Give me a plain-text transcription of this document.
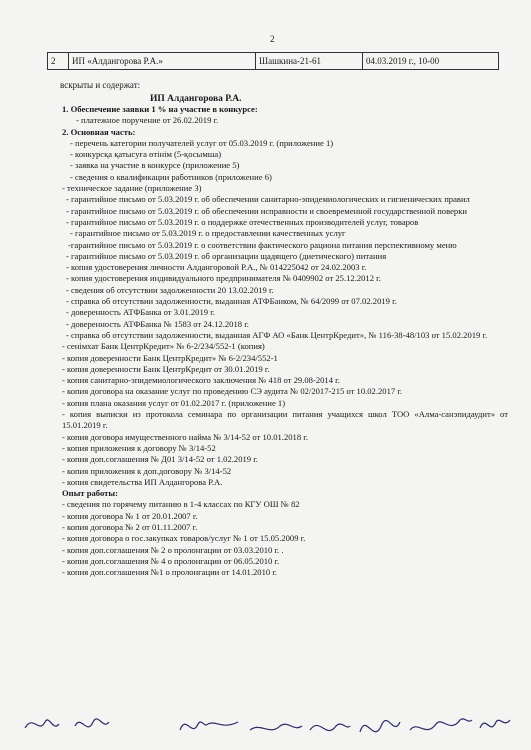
2
2	ИП «Алдангорова Р.А.»	Шашкина-21-61	04.03.2019 г., 10-00
вскрыты и содержат:
ИП Алдангорова Р.А.
1. Обеспечение заявки 1 % на участие в конкурсе:
- платежное поручение от 26.02.2019 г.
2. Основная часть:
- перечень категории получателей услуг от 05.03.2019 г. (приложение 1)
- конкурсқа қатысуға өтінім (5-қосымша)
- заявка на участие в конкурсе (приложение 5)
- сведения о квалификации работников (приложение 6)
- техническое задание (приложение 3)
- гарантийное письмо от 5.03.2019 г. об обеспечении санитарно-эпидемиологических и гигиенических правил
- гарантийное письмо от 5.03.2019 г. об обеспечении исправности и своевременной государственной поверки
- гарантийное письмо от 5.03.2019 г. о поддержке отечественных производителей услуг, товаров
- гарантийное письмо от 5.03.2019 г. о предоставлении качественных услуг
-гарантийное письмо от 5.03.2019 г. о соответствии фактического рациона питания перспективному меню
- гарантийное письмо от 5.03.2019 г. об организации щадящего (диетического) питания
- копия удостоверения личности Алдангоровой Р.А., № 014225042 от 24.02.2003 г.
- копия удостоверения индивидуального предпринимателя № 0409902 от 25.12.2012 г.
- сведения об отсутствии задолженности 20 13.02.2019 г.
- справка об отсутствии задолженности, выданная АТФБанком, № 64/2099 от 07.02.2019 г.
- доверенность АТФБанка от 3.01.2019 г.
- доверенность АТФБанка № 1583 от 24.12.2018 г.
- справка об отсутствии задолженности, выданная АГФ АО «Банк ЦентрКредит», № 116-38-48/103 от 15.02.2019 г.
- сенімхат Банк ЦентрКредит» № 6-2/234/552-1 (копия)
- копия доверенности Банк ЦентрКредит» № 6-2/234/552-1
- копия доверенности Банк ЦентрКредит от 30.01.2019 г.
- копия санитарно-эпидемиологического заключения № 418 от 29.08-2014 г.
- копия договора на оказание услуг по проведению СЭ аудита № 02/2017-215 от 10.02.2017 г.
- копия плана оказания услуг от 01.02.2017 г. (приложение 1)
- копия выписки из протокола семинара по организации питания учащихся школ ТОО «Алма-санэпидаудит» от 15.01.2019 г.
- копия договора имущественного найма № 3/14-52 от 10.01.2018 г.
- копия приложения к договору № 3/14-52
- копия доп.соглашения № Д01 3/14-52 от 1.02.2019 г.
- копия приложения к доп.договору № 3/14-52
- копия свидетельства ИП Алдангорова Р.А.
Опыт работы:
- сведения по горячему питанию в 1-4 классах по КГУ ОШ № 82
- копия договора № 1 от 20.01.2007 г.
- копия договора № 2 от 01.11.2007 г.
- копия договора о гос.закупках товаров/услуг № 1 от 15.05.2009 г.
- копия доп.соглашения № 2 о пролонгации от 03.03.2010 г. .
- копия доп.соглашения № 4 о пролонгации от 06.05.2010 г.
- копия доп.соглашения №1 о пролонгации от 14.01.2010 г.
